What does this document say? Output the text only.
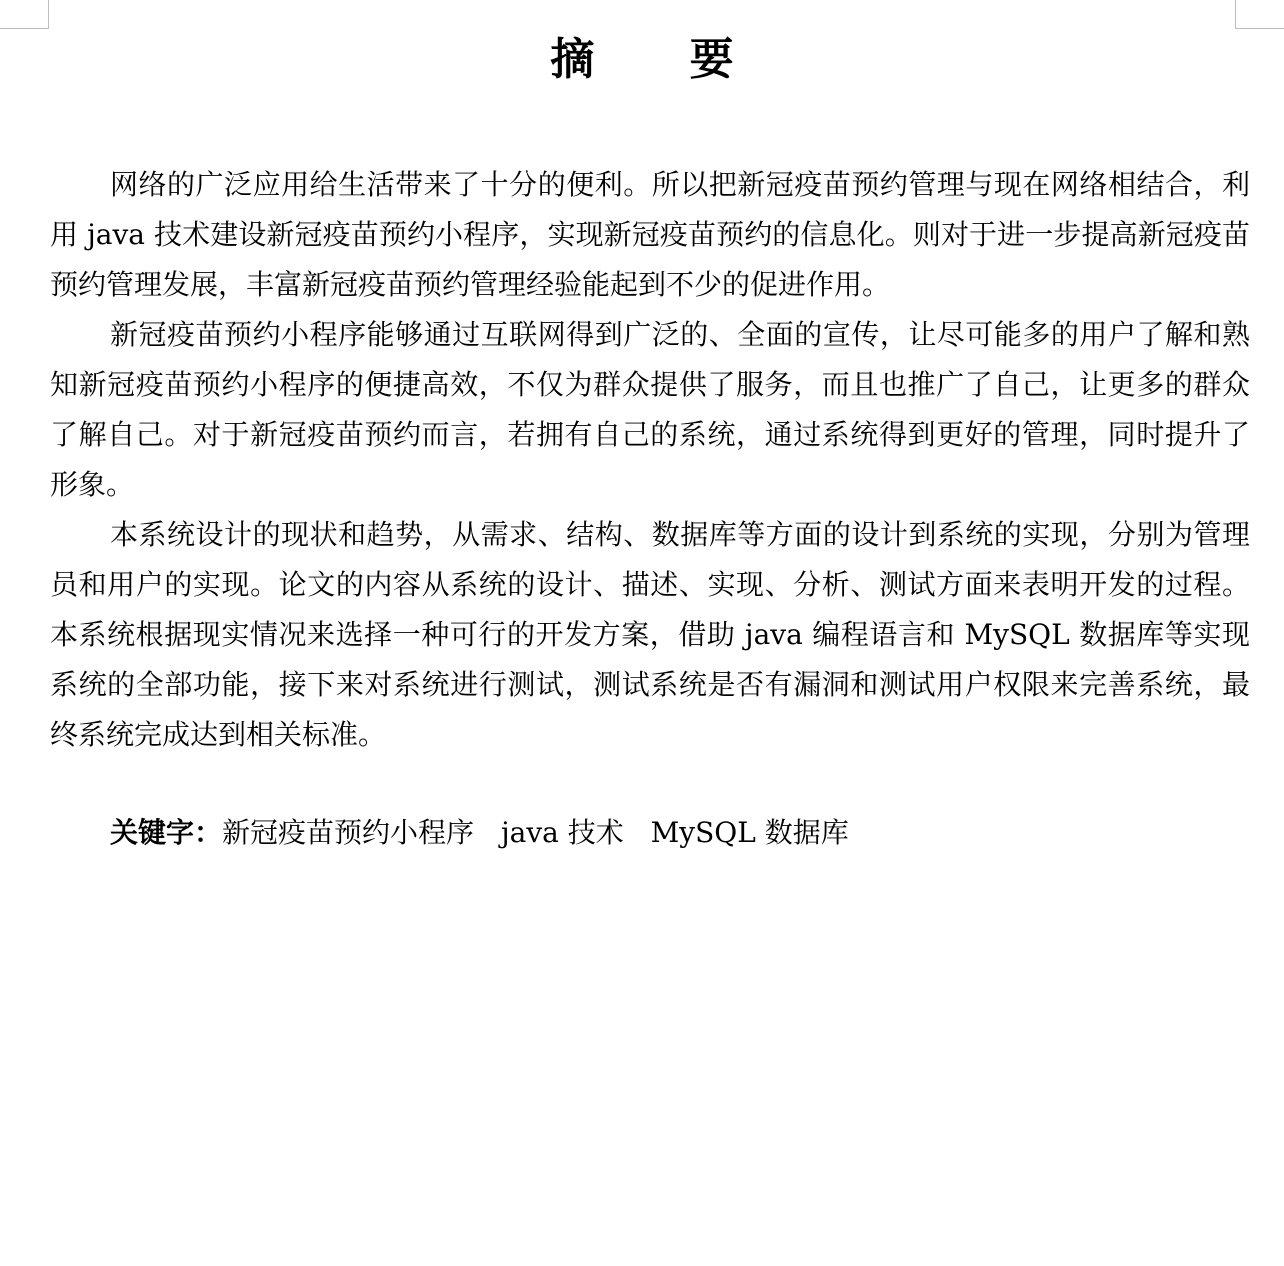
摘 要

网络的广泛应用给生活带来了十分的便利。所以把新冠疫苗预约管理与现在网络相结合，利用 java 技术建设新冠疫苗预约小程序，实现新冠疫苗预约的信息化。则对于进一步提高新冠疫苗预约管理发展，丰富新冠疫苗预约管理经验能起到不少的促进作用。

新冠疫苗预约小程序能够通过互联网得到广泛的、全面的宣传，让尽可能多的用户了解和熟知新冠疫苗预约小程序的便捷高效，不仅为群众提供了服务，而且也推广了自己，让更多的群众了解自己。对于新冠疫苗预约而言，若拥有自己的系统，通过系统得到更好的管理，同时提升了形象。

本系统设计的现状和趋势，从需求、结构、数据库等方面的设计到系统的实现，分别为管理员和用户的实现。论文的内容从系统的设计、描述、实现、分析、测试方面来表明开发的过程。本系统根据现实情况来选择一种可行的开发方案，借助 java 编程语言和 MySQL 数据库等实现系统的全部功能，接下来对系统进行测试，测试系统是否有漏洞和测试用户权限来完善系统，最终系统完成达到相关标准。

关键字：新冠疫苗预约小程序 java 技术 MySQL 数据库
